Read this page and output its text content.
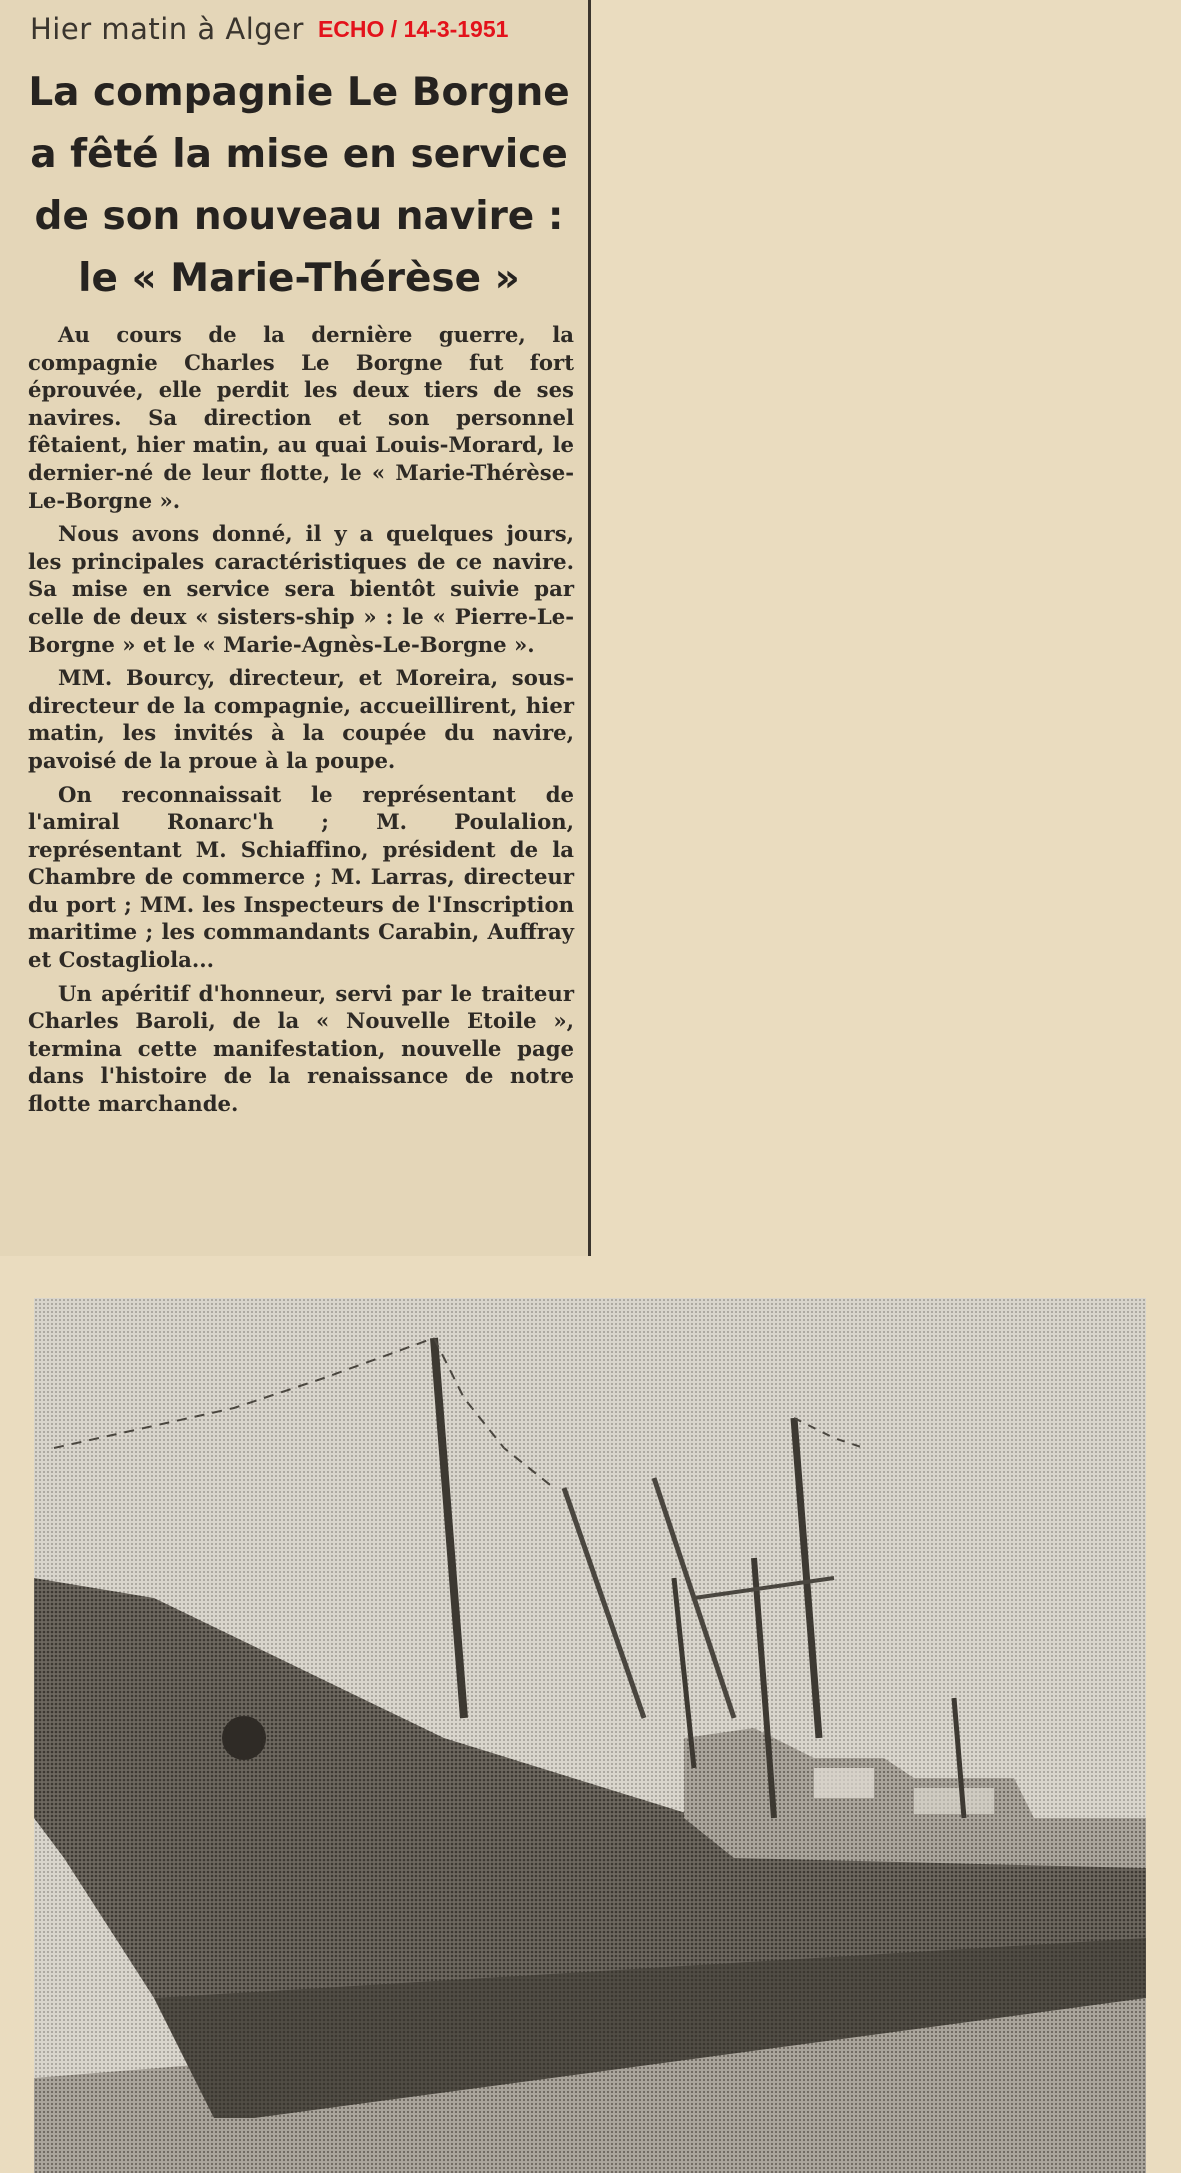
Hier matin à Alger ECHO / 14-3-1951
La compagnie Le Borgne
a fêté la mise en service
de son nouveau navire :
le « Marie-Thérèse »

Au cours de la dernière guerre, la compagnie Charles Le Borgne fut fort éprouvée, elle perdit les deux tiers de ses navires. Sa direction et son personnel fêtaient, hier matin, au quai Louis-Morard, le dernier-né de leur flotte, le « Marie-Thérèse-Le-Borgne ».

Nous avons donné, il y a quelques jours, les principales caractéristiques de ce navire. Sa mise en service sera bientôt suivie par celle de deux « sisters-ship » : le « Pierre-Le-Borgne » et le « Marie-Agnès-Le-Borgne ».

MM. Bourcy, directeur, et Moreira, sous-directeur de la compagnie, accueillirent, hier matin, les invités à la coupée du navire, pavoisé de la proue à la poupe.

On reconnaissait le représentant de l'amiral Ronarc'h ; M. Poulalion, représentant M. Schiaffino, président de la Chambre de commerce ; M. Larras, directeur du port ; MM. les Inspecteurs de l'Inscription maritime ; les commandants Carabin, Auffray et Costagliola...

Un apéritif d'honneur, servi par le traiteur Charles Baroli, de la « Nouvelle Etoile », termina cette manifestation, nouvelle page dans l'histoire de la renaissance de notre flotte marchande.
